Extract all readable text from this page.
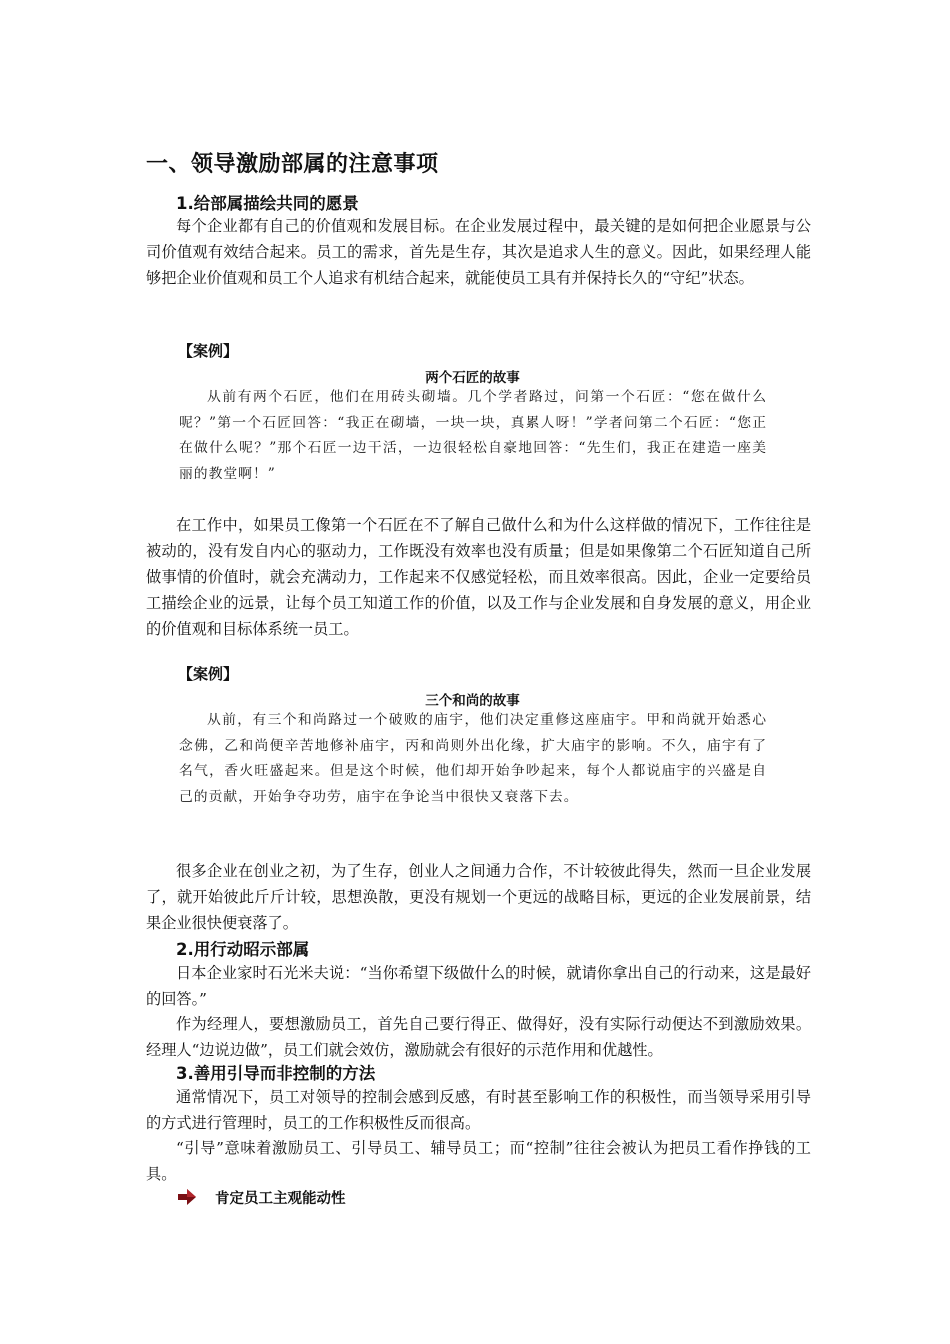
一、领导激励部属的注意事项
1.给部属描绘共同的愿景
每个企业都有自己的价值观和发展目标。在企业发展过程中，最关键的是如何把企业愿景与公司价值观有效结合起来。员工的需求，首先是生存，其次是追求人生的意义。因此，如果经理人能够把企业价值观和员工个人追求有机结合起来，就能使员工具有并保持长久的“守纪”状态。
【案例】
两个石匠的故事
从前有两个石匠，他们在用砖头砌墙。几个学者路过，问第一个石匠：“您在做什么呢？”第一个石匠回答：“我正在砌墙，一块一块，真累人呀！”学者问第二个石匠：“您正在做什么呢？”那个石匠一边干活，一边很轻松自豪地回答：“先生们，我正在建造一座美丽的教堂啊！”
在工作中，如果员工像第一个石匠在不了解自己做什么和为什么这样做的情况下，工作往往是被动的，没有发自内心的驱动力，工作既没有效率也没有质量；但是如果像第二个石匠知道自己所做事情的价值时，就会充满动力，工作起来不仅感觉轻松，而且效率很高。因此，企业一定要给员工描绘企业的远景，让每个员工知道工作的价值，以及工作与企业发展和自身发展的意义，用企业的价值观和目标体系统一员工。
【案例】
三个和尚的故事
从前，有三个和尚路过一个破败的庙宇，他们决定重修这座庙宇。甲和尚就开始悉心念佛，乙和尚便辛苦地修补庙宇，丙和尚则外出化缘，扩大庙宇的影响。不久，庙宇有了名气，香火旺盛起来。但是这个时候，他们却开始争吵起来，每个人都说庙宇的兴盛是自己的贡献，开始争夺功劳，庙宇在争论当中很快又衰落下去。
很多企业在创业之初，为了生存，创业人之间通力合作，不计较彼此得失，然而一旦企业发展了，就开始彼此斤斤计较，思想涣散，更没有规划一个更远的战略目标，更远的企业发展前景，结果企业很快便衰落了。
2.用行动昭示部属
日本企业家时石光米夫说：“当你希望下级做什么的时候，就请你拿出自己的行动来，这是最好的回答。”
作为经理人，要想激励员工，首先自己要行得正、做得好，没有实际行动便达不到激励效果。经理人“边说边做”，员工们就会效仿，激励就会有很好的示范作用和优越性。
3.善用引导而非控制的方法
通常情况下，员工对领导的控制会感到反感，有时甚至影响工作的积极性，而当领导采用引导的方式进行管理时，员工的工作积极性反而很高。
“引导”意味着激励员工、引导员工、辅导员工；而“控制”往往会被认为把员工看作挣钱的工具。
肯定员工主观能动性
